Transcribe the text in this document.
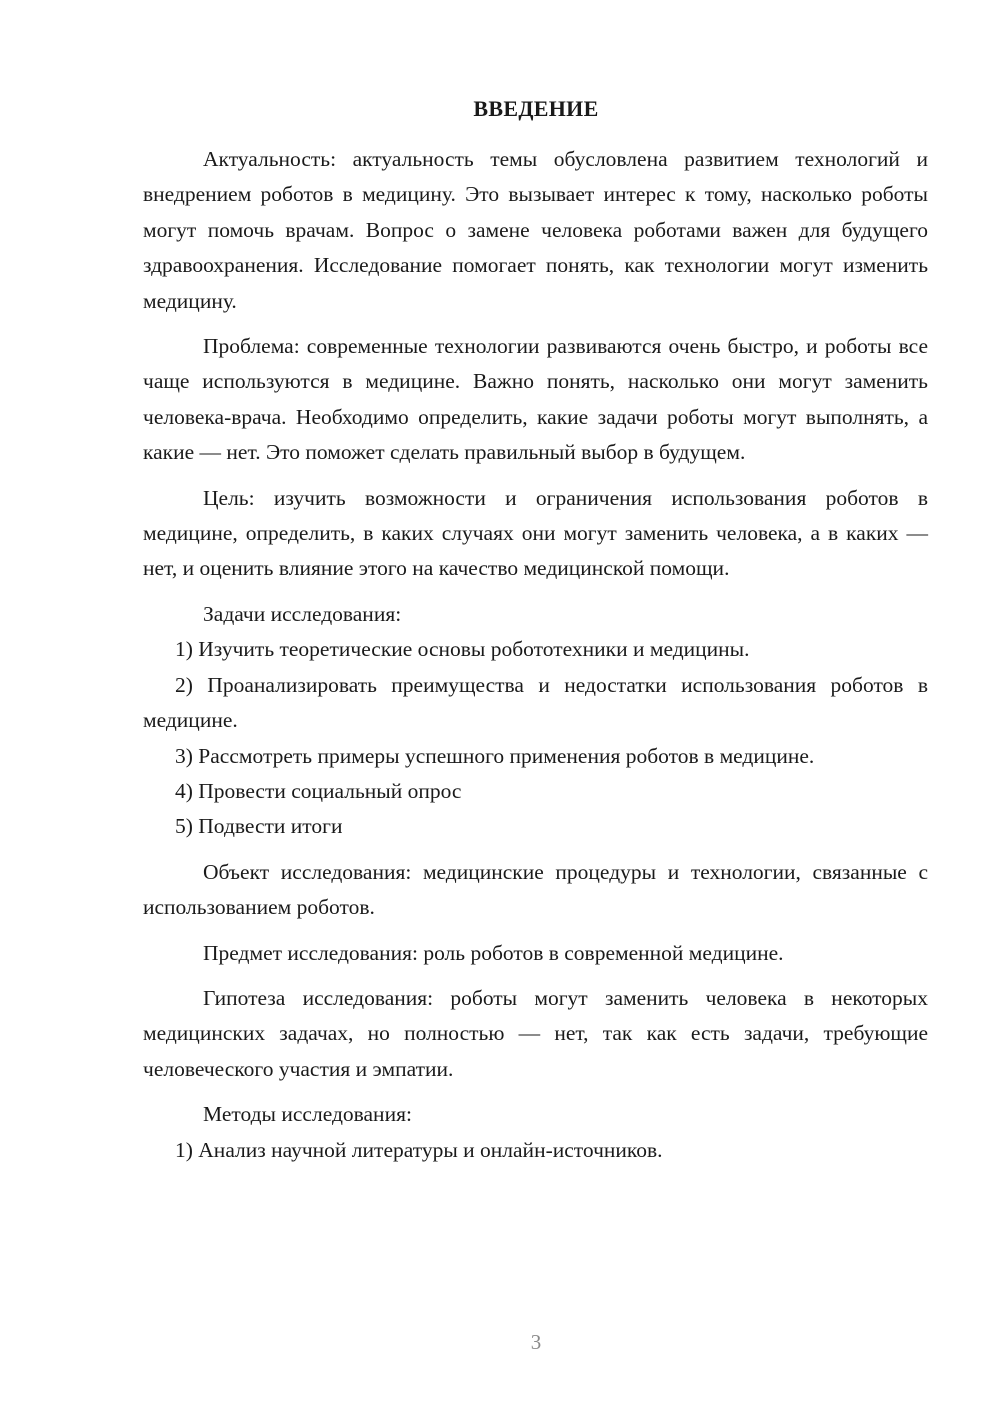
ВВЕДЕНИЕ

Актуальность: актуальность темы обусловлена развитием технологий и внедрением роботов в медицину. Это вызывает интерес к тому, насколько роботы могут помочь врачам. Вопрос о замене человека роботами важен для будущего здравоохранения. Исследование помогает понять, как технологии могут изменить медицину.

Проблема: современные технологии развиваются очень быстро, и роботы все чаще используются в медицине. Важно понять, насколько они могут заменить человека-врача. Необходимо определить, какие задачи роботы могут выполнять, а какие — нет. Это поможет сделать правильный выбор в будущем.

Цель: изучить возможности и ограничения использования роботов в медицине, определить, в каких случаях они могут заменить человека, а в каких — нет, и оценить влияние этого на качество медицинской помощи.

Задачи исследования:

1) Изучить теоретические основы робототехники и медицины.

2) Проанализировать преимущества и недостатки использования роботов в медицине.

3) Рассмотреть примеры успешного применения роботов в медицине.

4) Провести социальный опрос

5) Подвести итоги

Объект исследования: медицинские процедуры и технологии, связанные с использованием роботов.

Предмет исследования: роль роботов в современной медицине.

Гипотеза исследования: роботы могут заменить человека в некоторых медицинских задачах, но полностью — нет, так как есть задачи, требующие человеческого участия и эмпатии.

Методы исследования:

1) Анализ научной литературы и онлайн-источников.

3
